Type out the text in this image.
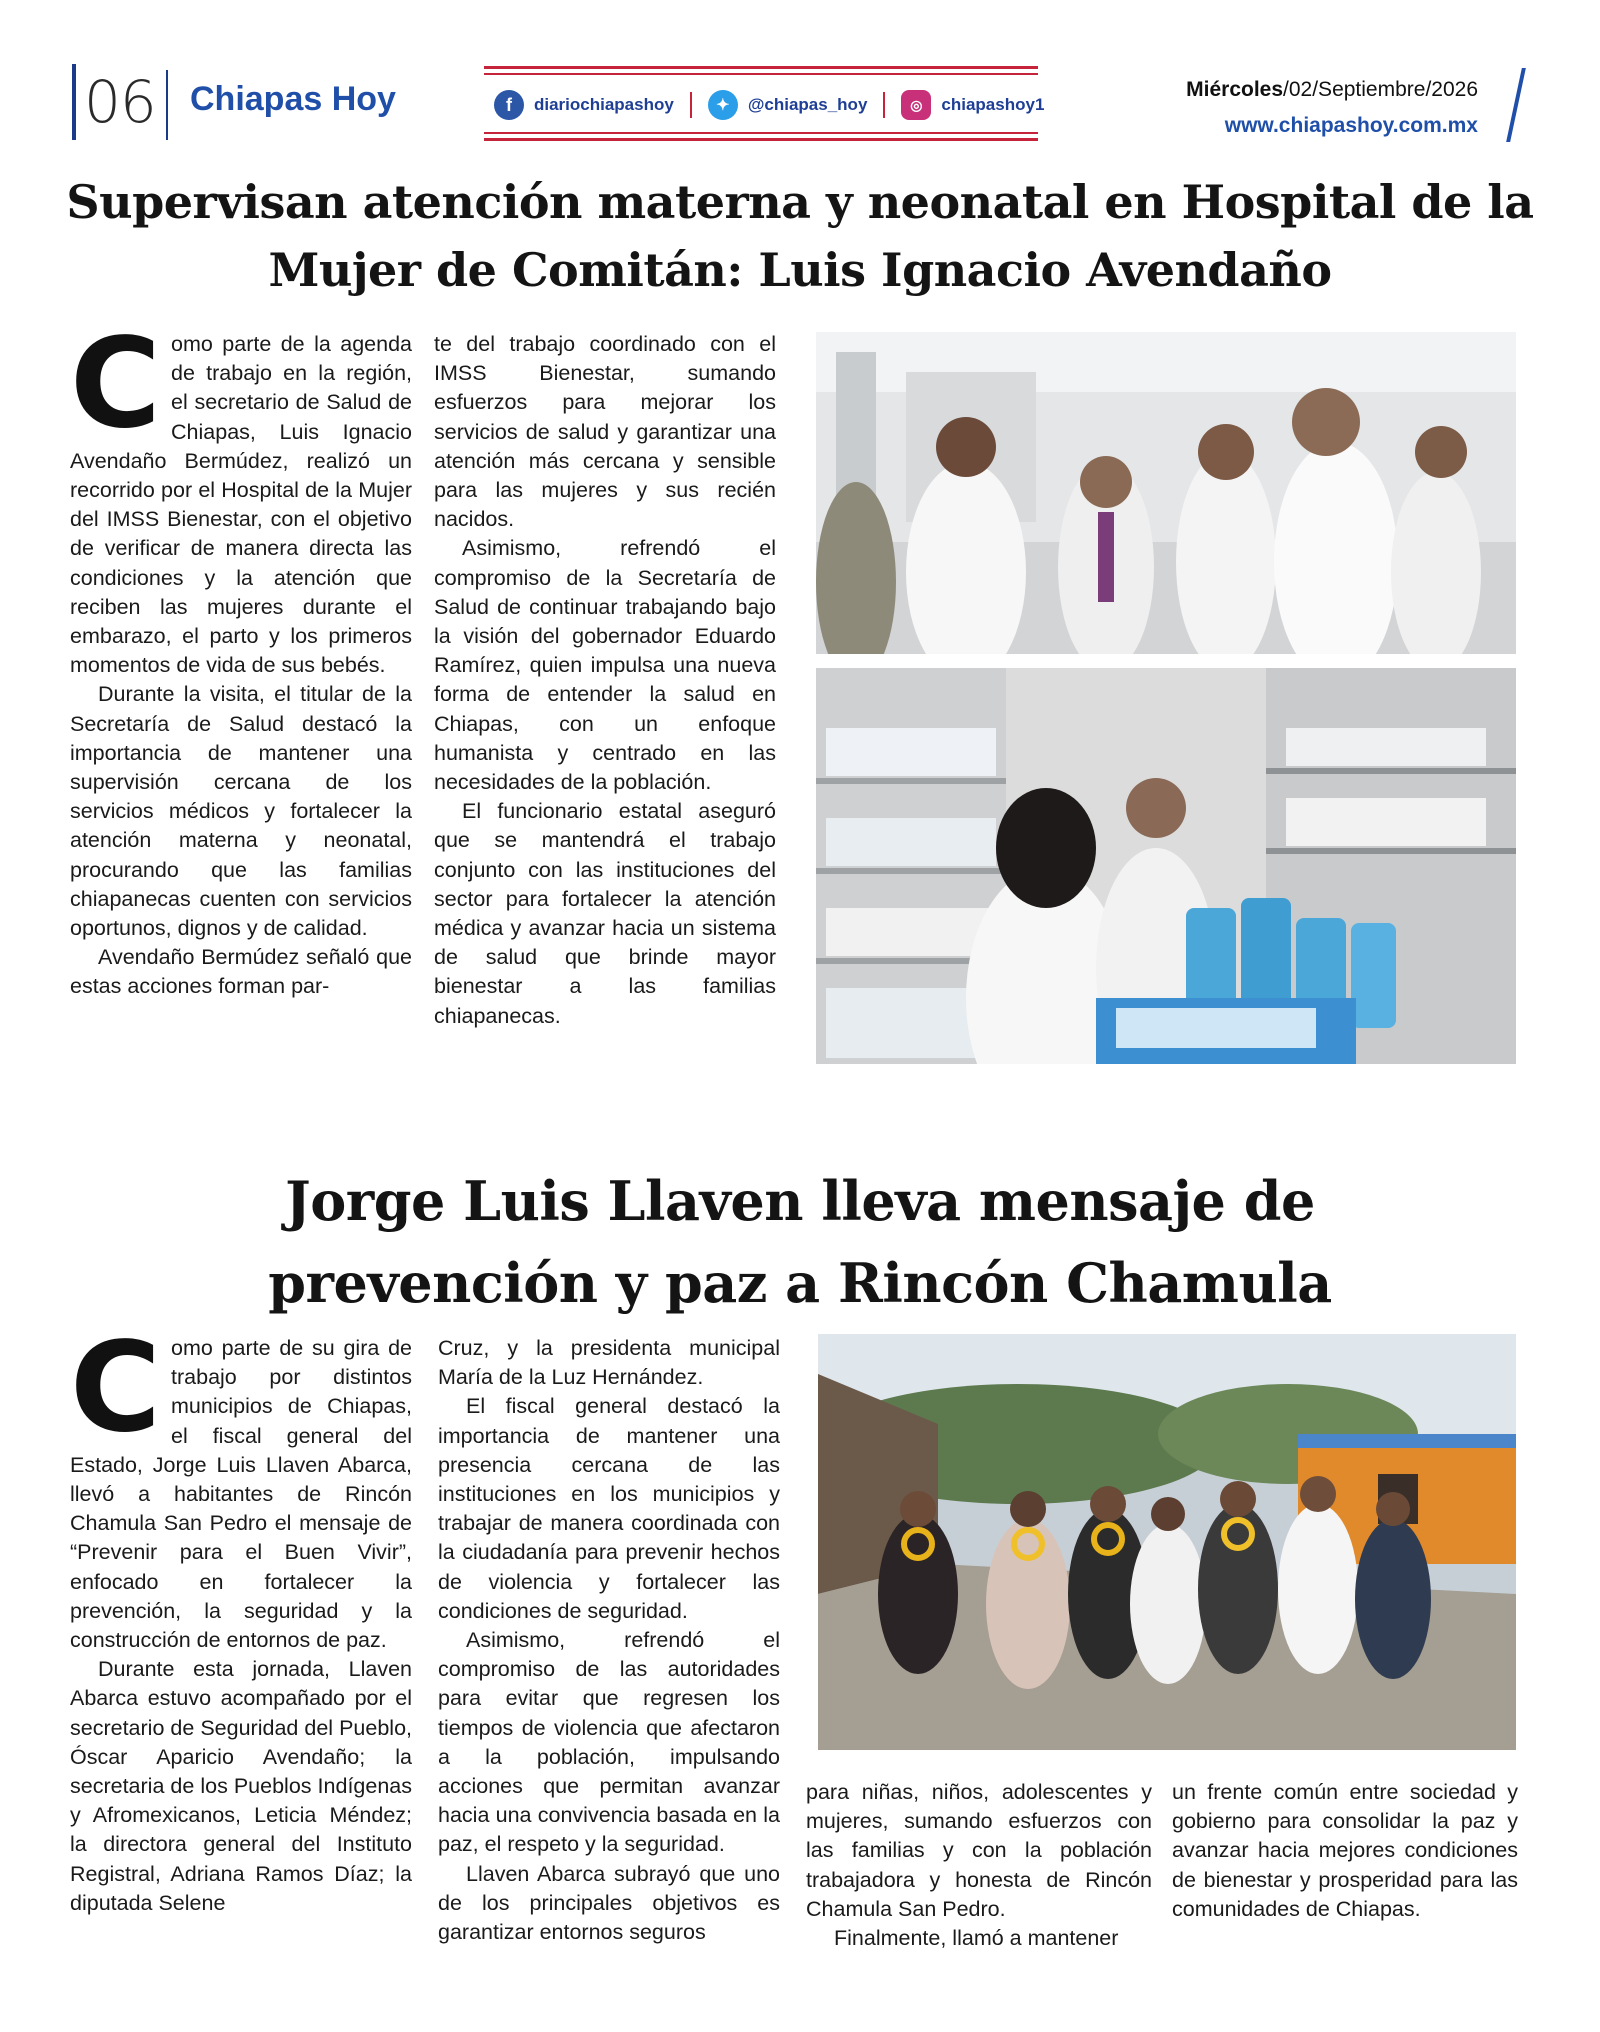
06 Chiapas Hoy	f	diariochiapashoy	✦	@chiapas_hoy	◎	chiapashoy1
Miércoles/02/Septiembre/2026
www.chiapashoy.com.mx
Supervisan atención materna y neonatal en Hospital de la
Mujer de Comitán: Luis Ignacio Avendaño

Como parte de la agenda de trabajo en la región, el secretario de Salud de Chiapas, Luis Ignacio Avendaño Bermúdez, realizó un recorrido por el Hospital de la Mujer del IMSS Bienestar, con el objetivo de verificar de manera directa las condiciones y la atención que reciben las mujeres durante el embarazo, el parto y los primeros momentos de vida de sus bebés.

Durante la visita, el titular de la Secretaría de Salud destacó la importancia de mantener una supervisión cercana de los servicios médicos y fortalecer la atención materna y neonatal, procurando que las familias chiapanecas cuenten con servicios oportunos, dignos y de calidad.

Avendaño Bermúdez señaló que estas acciones forman par-

te del trabajo coordinado con el IMSS Bienestar, sumando esfuerzos para mejorar los servicios de salud y garantizar una atención más cercana y sensible para las mujeres y sus recién nacidos.

Asimismo, refrendó el compromiso de la Secretaría de Salud de continuar trabajando bajo la visión del gobernador Eduardo Ramírez, quien impulsa una nueva forma de entender la salud en Chiapas, con un enfoque humanista y centrado en las necesidades de la población.

El funcionario estatal aseguró que se mantendrá el trabajo conjunto con las instituciones del sector para fortalecer la atención médica y avanzar hacia un sistema de salud que brinde mayor bienestar a las familias chiapanecas.

Jorge Luis Llaven lleva mensaje de
prevención y paz a Rincón Chamula

Como parte de su gira de trabajo por distintos municipios de Chiapas, el fiscal general del Estado, Jorge Luis Llaven Abarca, llevó a habitantes de Rincón Chamula San Pedro el mensaje de “Prevenir para el Buen Vivir”, enfocado en fortalecer la prevención, la seguridad y la construcción de entornos de paz.

Durante esta jornada, Llaven Abarca estuvo acompañado por el secretario de Seguridad del Pueblo, Óscar Aparicio Avendaño; la secretaria de los Pueblos Indígenas y Afromexicanos, Leticia Méndez; la directora general del Instituto Registral, Adriana Ramos Díaz; la diputada Selene

Cruz, y la presidenta municipal María de la Luz Hernández.

El fiscal general destacó la importancia de mantener una presencia cercana de las instituciones en los municipios y trabajar de manera coordinada con la ciudadanía para prevenir hechos de violencia y fortalecer las condiciones de seguridad.

Asimismo, refrendó el compromiso de las autoridades para evitar que regresen los tiempos de violencia que afectaron a la población, impulsando acciones que permitan avanzar hacia una convivencia basada en la paz, el respeto y la seguridad.

Llaven Abarca subrayó que uno de los principales objetivos es garantizar entornos seguros

para niñas, niños, adolescentes y mujeres, sumando esfuerzos con las familias y con la población trabajadora y honesta de Rincón Chamula San Pedro.

Finalmente, llamó a mantener

un frente común entre sociedad y gobierno para consolidar la paz y avanzar hacia mejores condiciones de bienestar y prosperidad para las comunidades de Chiapas.
